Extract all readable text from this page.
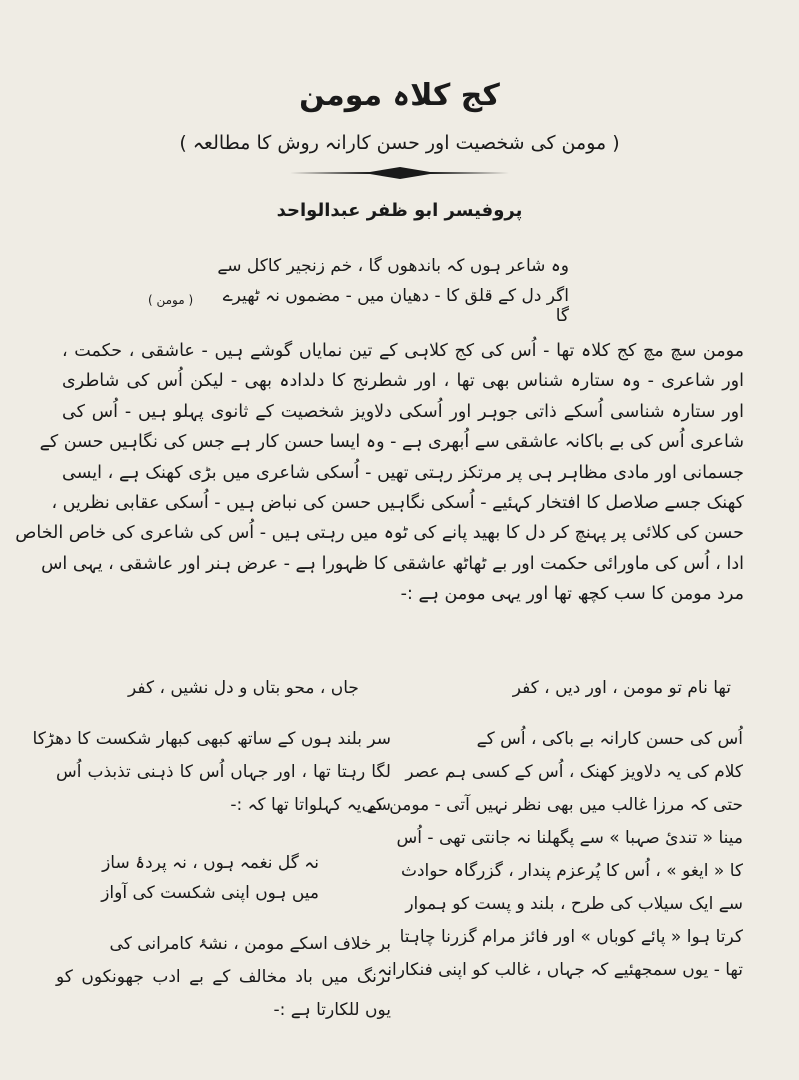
کج کلاہ مومن
( مومن کی شخصیت اور حسن کارانہ روش کا مطالعہ )
پروفیسر ابو ظفر عبدالواحد
وہ شاعر ہوں کہ باندھوں گا ، خم زنجیر کاکل سے
اگر دل کے قلق کا - دھیان میں - مضموں نہ ٹھیرے گا
( مومن )
مومن سچ مچ کج کلاہ تھا - اُس کی کج کلاہی کے تین نمایاں گوشے ہیں - عاشقی ، حکمت ،
اور شاعری - وہ ستارہ شناس بھی تھا ، اور شطرنج کا دلدادہ بھی - لیکن اُس کی شاطری
اور ستارہ شناسی اُسکے ذاتی جوہر اور اُسکی دلاویز شخصیت کے ثانوی پہلو ہیں - اُس کی
شاعری اُس کی بے باکانہ عاشقی سے اُبھری ہے - وہ ایسا حسن کار ہے جس کی نگاہیں حسن کے
جسمانی اور مادی مظاہر ہی پر مرتکز رہتی تھیں - اُسکی شاعری میں بڑی کھنک ہے ، ایسی
کھنک جسے صلاصل کا افتخار کہئیے - اُسکی نگاہیں حسن کی نباض ہیں - اُسکی عقابی نظریں ،
حسن کی کلائی پر پہنچ کر دل کا بھید پانے کی ٹوہ میں رہتی ہیں - اُس کی شاعری کی خاص الخاص
ادا ، اُس کی ماورائی حکمت اور بے ٹھاٹھ عاشقی کا ظہورا ہے - عرض ہنر اور عاشقی ، یہی اس
مرد مومن کا سب کچھ تھا اور یہی مومن ہے :-
تھا نام تو مومن ، اور دیں ، کفر
جاں ، محو بتاں و دل نشیں ، کفر
اُس کی حسن کارانہ بے باکی ، اُس کے
کلام کی یہ دلاویز کھنک ، اُس کے کسی ہم عصر
حتی کہ مرزا غالب میں بھی نظر نہیں آتی - مومن کی
مینا « تندیٔ صہبا » سے پگھلنا نہ جانتی تھی - اُس
کا « ایغو » ، اُس کا پُرعزم پندار ، گزرگاہ حوادث
سے ایک سیلاب کی طرح ، بلند و پست کو ہموار
کرتا ہوا « پائے کوباں » اور فائز مرام گزرنا چاہتا
تھا - یوں سمجھئیے کہ جہاں ، غالب کو اپنی فنکارانہ
سر بلند ہوں کے ساتھ کبھی کبھار شکست کا دھڑکا
لگا رہتا تھا ، اور جہاں اُس کا ذہنی تذبذب اُس
سے یہ کہلواتا تھا کہ :-
نہ گل نغمہ ہوں ، نہ پردۂ ساز
میں ہوں اپنی شکست کی آواز
بر خلاف اسکے مومن ، نشۂ کامرانی کی
ترنگ میں باد مخالف کے بے ادب جھونکوں کو
یوں للکارتا ہے :-
